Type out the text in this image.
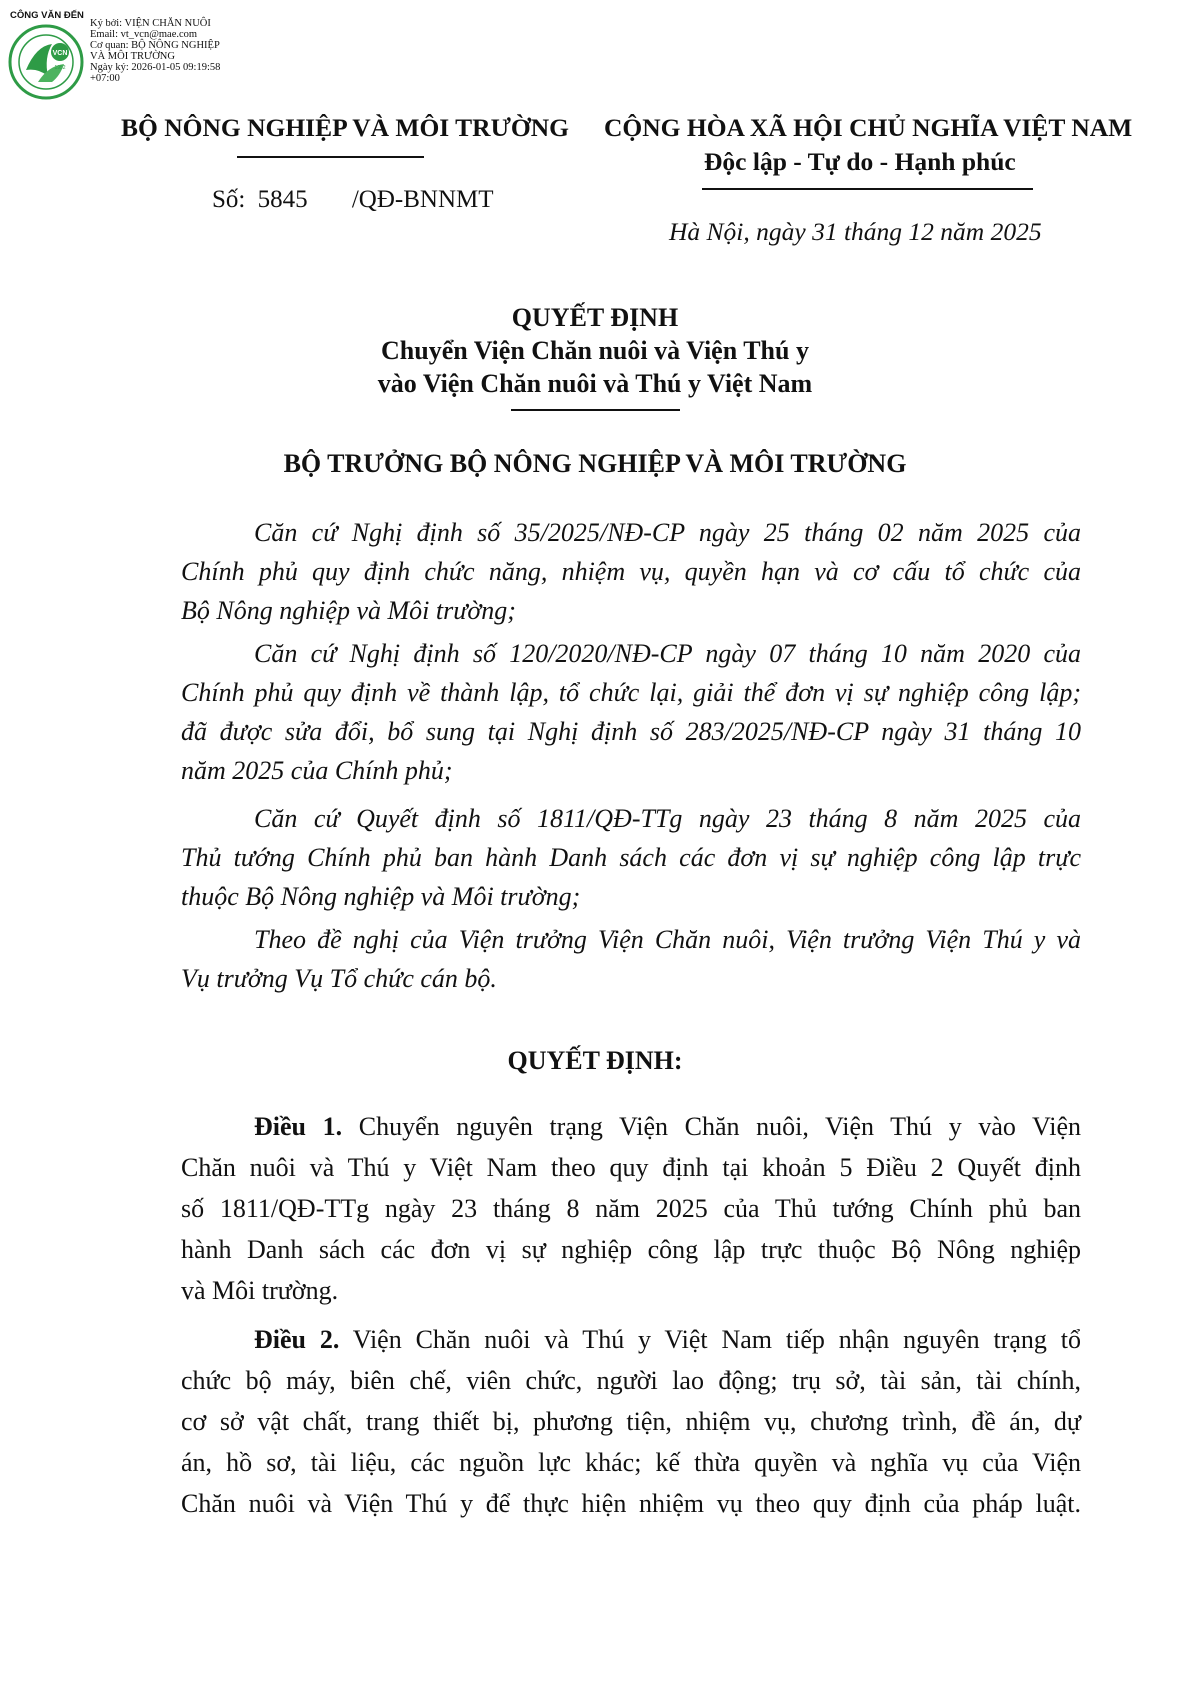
CÔNG VĂN ĐẾN
VCN
1952
Ký bởi: VIỆN CHĂN NUÔI
Email: vt_vcn@mae.com
Cơ quan: BỘ NÔNG NGHIỆP
VÀ MÔI TRƯỜNG
Ngày ký: 2026-01-05 09:19:58
+07:00
BỘ NÔNG NGHIỆP VÀ MÔI TRƯỜNG CỘNG HÒA XÃ HỘI CHỦ NGHĨA VIỆT NAM
Độc lập - Tự do - Hạnh phúc
Số: 5845 /QĐ-BNNMT
Hà Nội, ngày 31 tháng 12 năm 2025
QUYẾT ĐỊNH
Chuyển Viện Chăn nuôi và Viện Thú y
vào Viện Chăn nuôi và Thú y Việt Nam
BỘ TRƯỞNG BỘ NÔNG NGHIỆP VÀ MÔI TRƯỜNG
Căn cứ Nghị định số 35/2025/NĐ-CP ngày 25 tháng 02 năm 2025 của
Chính phủ quy định chức năng, nhiệm vụ, quyền hạn và cơ cấu tổ chức của
Bộ Nông nghiệp và Môi trường;
Căn cứ Nghị định số 120/2020/NĐ-CP ngày 07 tháng 10 năm 2020 của
Chính phủ quy định về thành lập, tổ chức lại, giải thể đơn vị sự nghiệp công lập;
đã được sửa đổi, bổ sung tại Nghị định số 283/2025/NĐ-CP ngày 31 tháng 10
năm 2025 của Chính phủ;
Căn cứ Quyết định số 1811/QĐ-TTg ngày 23 tháng 8 năm 2025 của
Thủ tướng Chính phủ ban hành Danh sách các đơn vị sự nghiệp công lập trực
thuộc Bộ Nông nghiệp và Môi trường;
Theo đề nghị của Viện trưởng Viện Chăn nuôi, Viện trưởng Viện Thú y và
Vụ trưởng Vụ Tổ chức cán bộ.
QUYẾT ĐỊNH:
Điều 1. Chuyển nguyên trạng Viện Chăn nuôi, Viện Thú y vào Viện
Chăn nuôi và Thú y Việt Nam theo quy định tại khoản 5 Điều 2 Quyết định
số 1811/QĐ-TTg ngày 23 tháng 8 năm 2025 của Thủ tướng Chính phủ ban
hành Danh sách các đơn vị sự nghiệp công lập trực thuộc Bộ Nông nghiệp
và Môi trường.
Điều 2. Viện Chăn nuôi và Thú y Việt Nam tiếp nhận nguyên trạng tổ
chức bộ máy, biên chế, viên chức, người lao động; trụ sở, tài sản, tài chính,
cơ sở vật chất, trang thiết bị, phương tiện, nhiệm vụ, chương trình, đề án, dự
án, hồ sơ, tài liệu, các nguồn lực khác; kế thừa quyền và nghĩa vụ của Viện
Chăn nuôi và Viện Thú y để thực hiện nhiệm vụ theo quy định của pháp luật.
